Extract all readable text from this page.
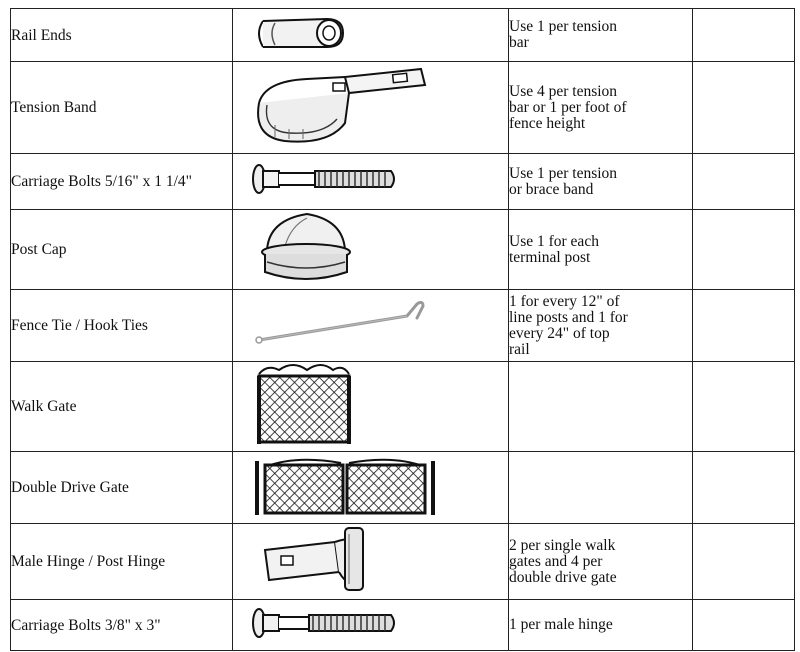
Rail Ends		Use 1 per tension
bar	

Tension Band		Use 4 per tension
bar or 1 per foot of
fence height	

Carriage Bolts 5/16" x 1 1/4"		Use 1 per tension
or brace band	

Post Cap		Use 1 for each
terminal post	

Fence Tie / Hook Ties		1 for every 12" of
line posts and 1 for
every 24" of top
rail	

Walk Gate	

Double Drive Gate	

Male Hinge / Post Hinge		2 per single walk
gates and 4 per
double drive gate	

Carriage Bolts 3/8" x 3"		1 per male hinge	
